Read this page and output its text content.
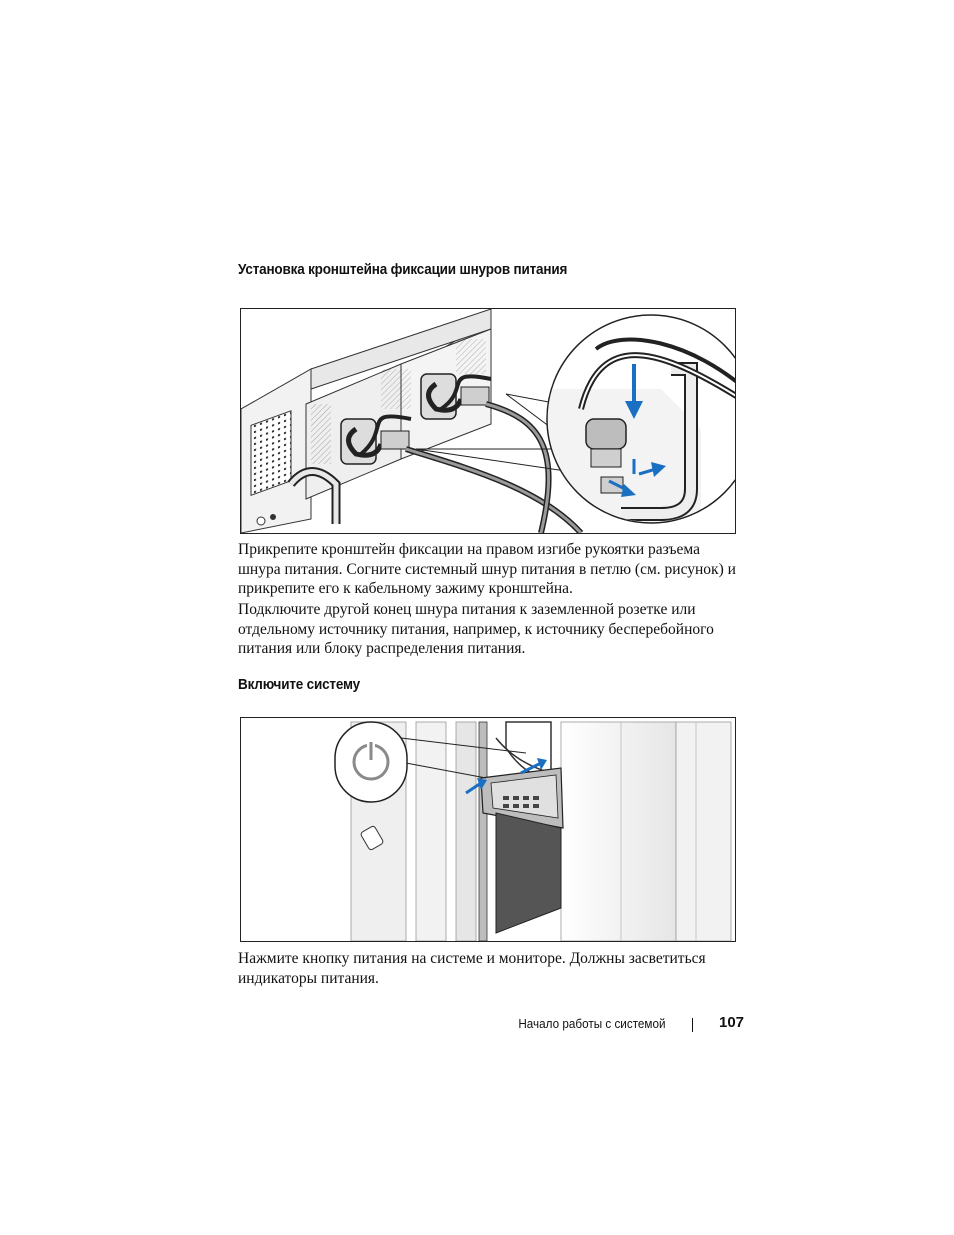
Установка кронштейна фиксации шнуров питания

Прикрепите кронштейн фиксации на правом изгибе рукоятки разъема шнура питания. Согните системный шнур питания в петлю (см. рисунок) и прикрепите его к кабельному зажиму кронштейна.

Подключите другой конец шнура питания к заземленной розетке или отдельному источнику питания, например, к источнику бесперебойного питания или блоку распределения питания.

Включите систему

Нажмите кнопку питания на системе и мониторе. Должны засветиться индикаторы питания.

Начало работы с системой	107
